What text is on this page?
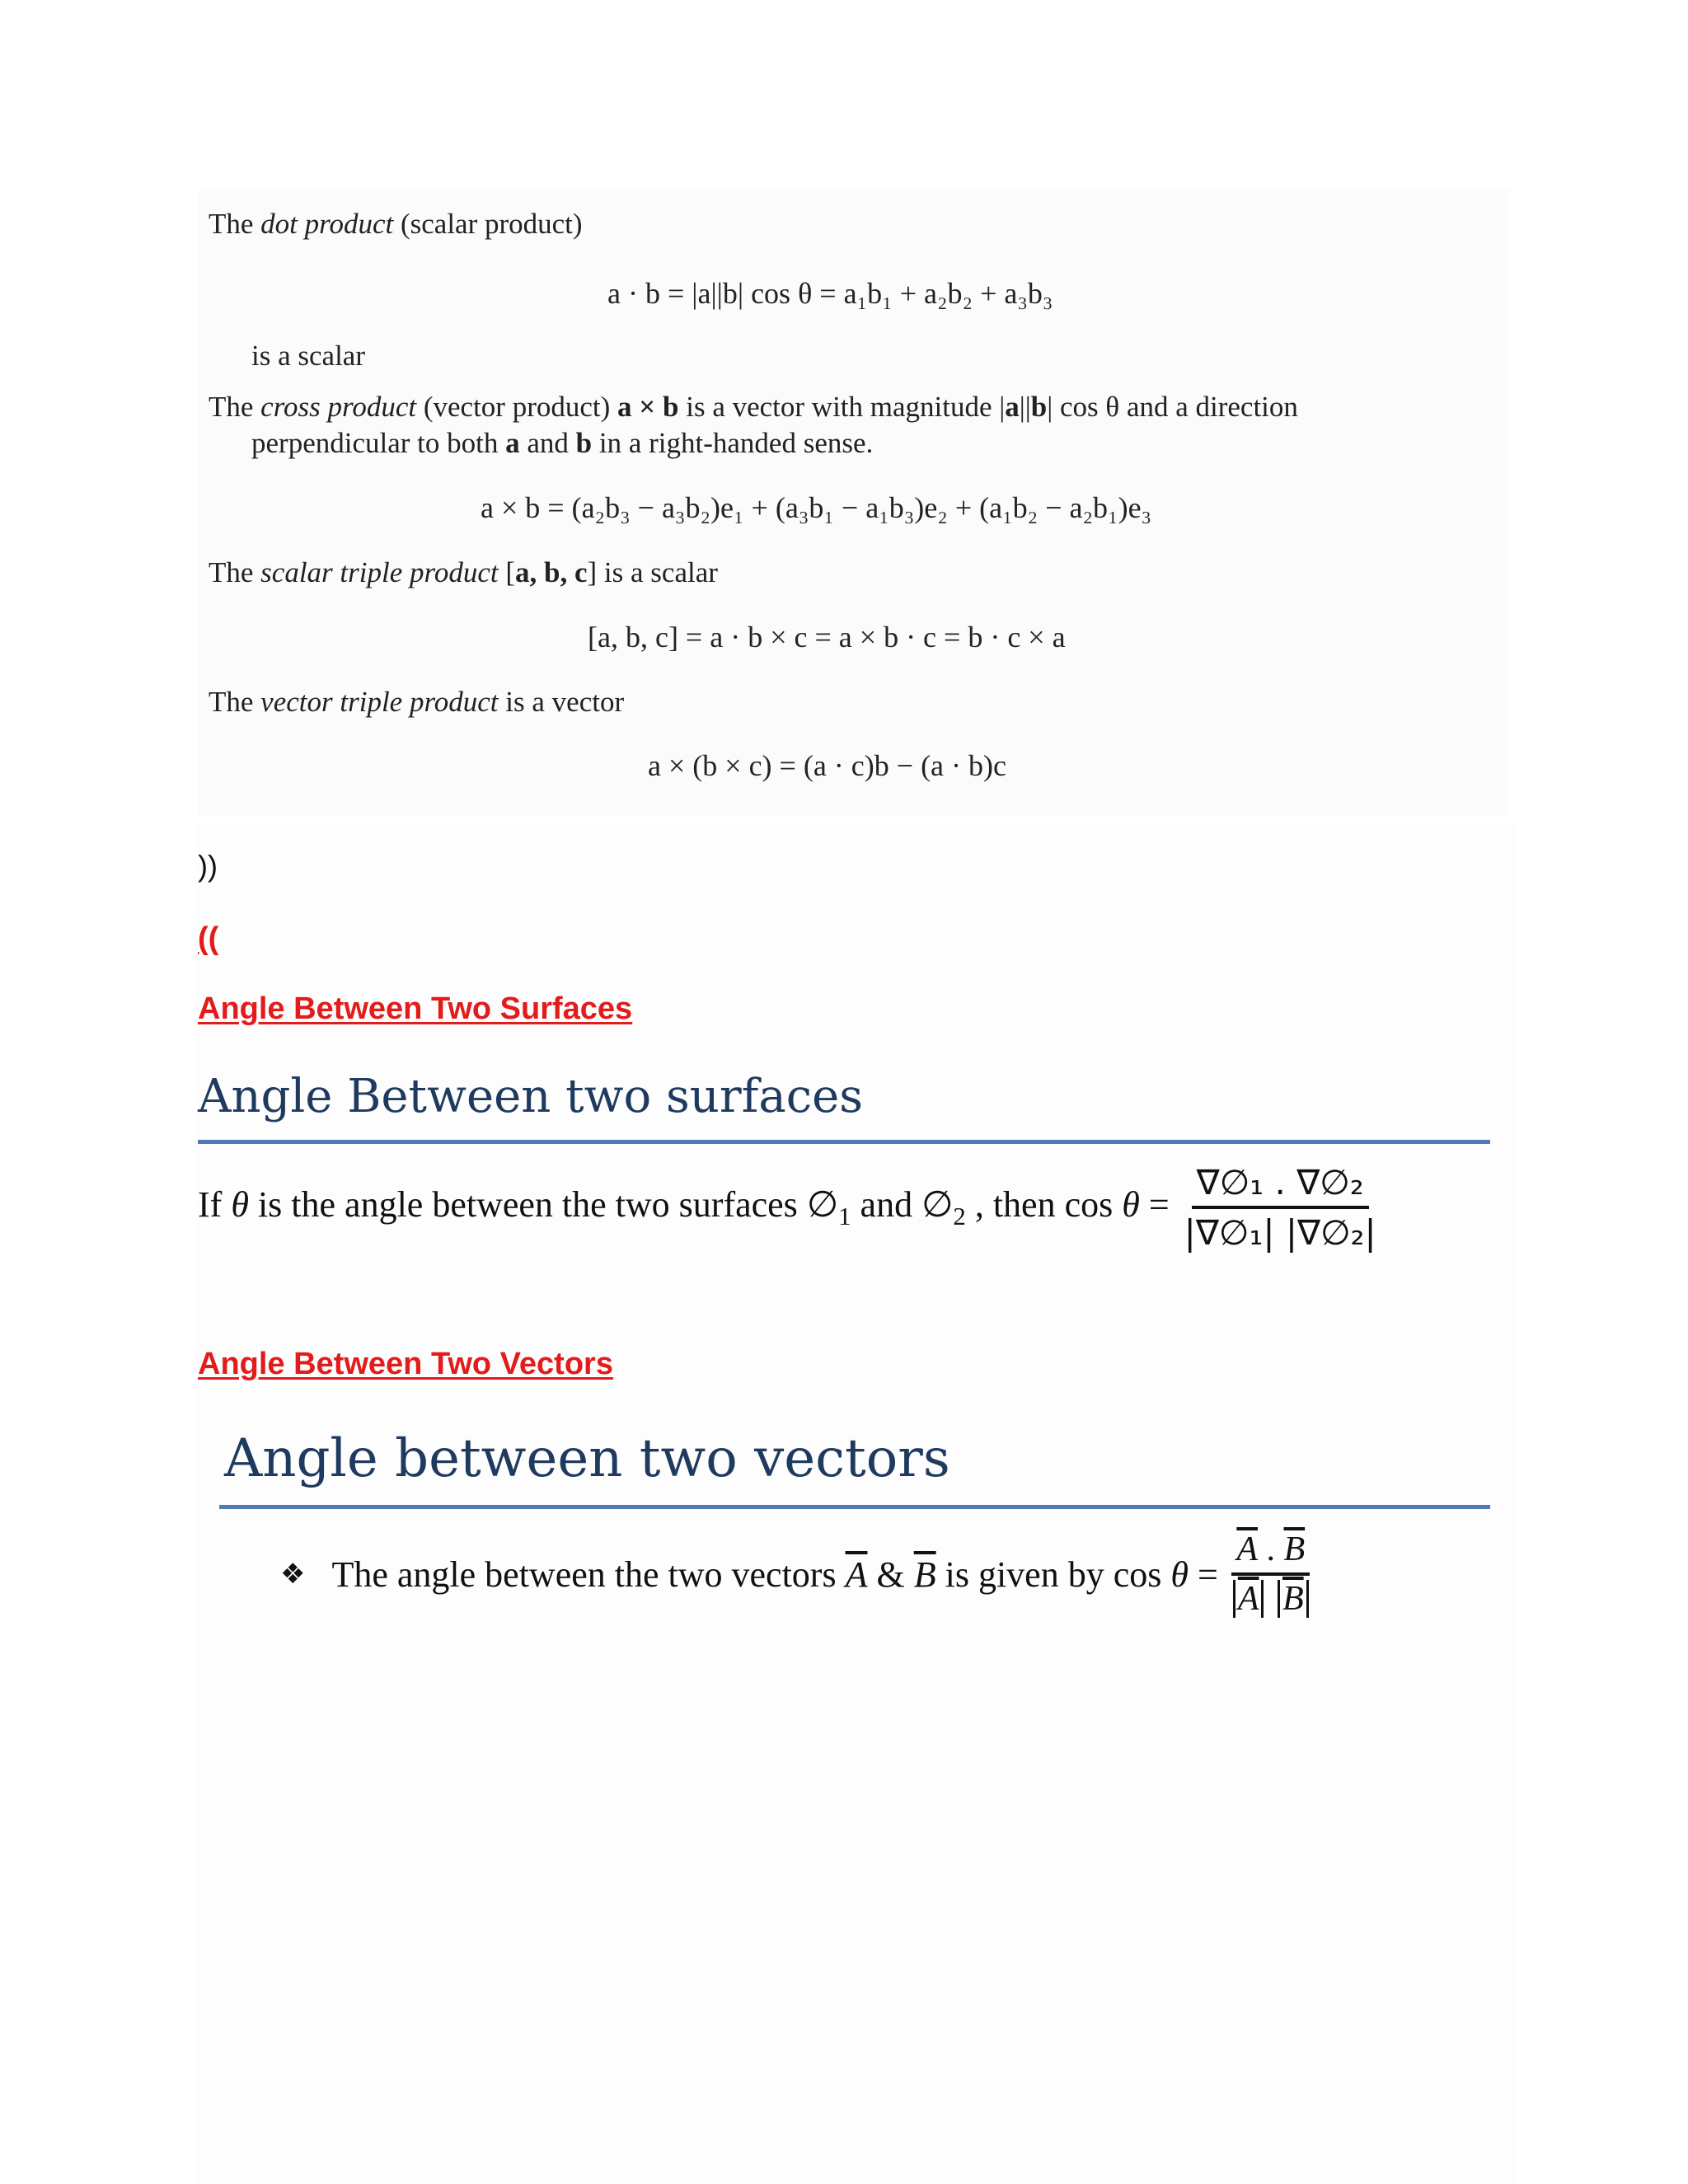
The dot product (scalar product)
a · b = |a||b| cos θ = a₁b₁ + a₂b₂ + a₃b₃
is a scalar
The cross product (vector product) a × b is a vector with magnitude |a||b| cos θ and a direction
perpendicular to both a and b in a right-handed sense.
a × b = (a₂b₃ − a₃b₂)e₁ + (a₃b₁ − a₁b₃)e₂ + (a₁b₂ − a₂b₁)e₃
The scalar triple product [a, b, c] is a scalar
[a, b, c] = a · b × c = a × b · c = b · c × a
The vector triple product is a vector
a × (b × c) = (a · c)b − (a · b)c
))
((
Angle Between Two Surfaces
Angle Between two surfaces
If θ is the angle between the two surfaces $\emptyset_1$ and $\emptyset_2$ , then $\cos \theta = \frac{\text{∇∅₁ . ∇∅₂}}{\text{|∇∅₁| |∇∅₂|}}$
Angle Between Two Vectors
Angle between two vectors
❖ The angle between the two vectors $\overline{A}$ & $\overline{B}$ is given by $\cos \theta = \frac{\overline{A} . \overline{B}}{\overline{A} \overline{B}}$
